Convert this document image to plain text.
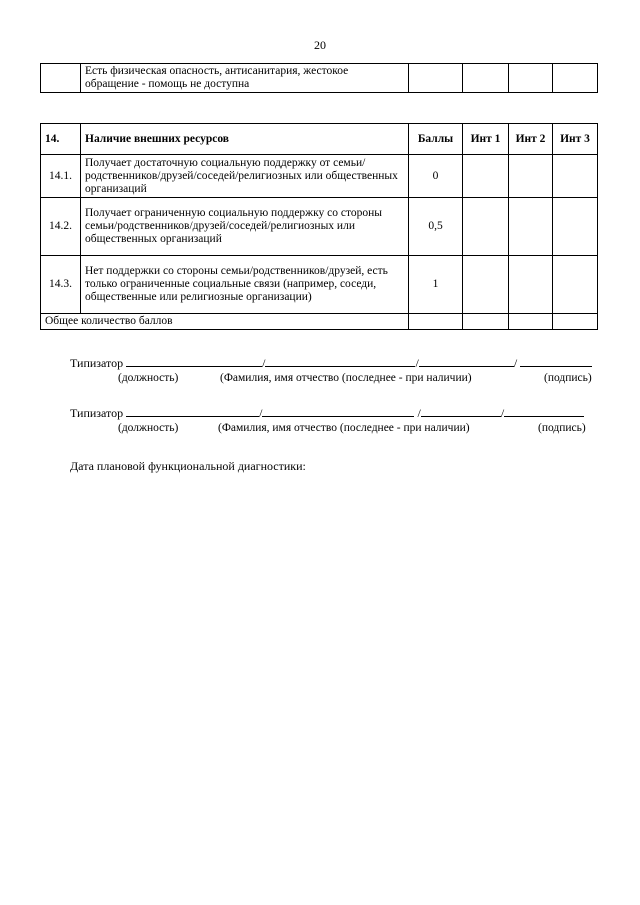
20
	Есть физическая опасность, антисанитария, жестокое обращение - помощь не доступна				
14.	Наличие внешних ресурсов	Баллы	Инт 1	Инт 2	Инт 3
14.1.	Получает достаточную социальную поддержку от семьи/родственников/друзей/соседей/религиозных или общественных организаций	0			
14.2.	Получает ограниченную социальную поддержку со стороны семьи/родственников/друзей/соседей/религиозных или общественных организаций	0,5			
14.3.	Нет поддержки со стороны семьи/родственников/друзей, есть только ограниченные социальные связи (например, соседи, общественные или религиозные организации)	1			
Общее количество баллов					
Типизатор	/	/	/
(должность)	(Фамилия, имя отчество (последнее - при наличии)	(подпись)
Типизатор	/	/	/
(должность)	(Фамилия, имя отчество (последнее - при наличии)	(подпись)
Дата плановой функциональной диагностики:
